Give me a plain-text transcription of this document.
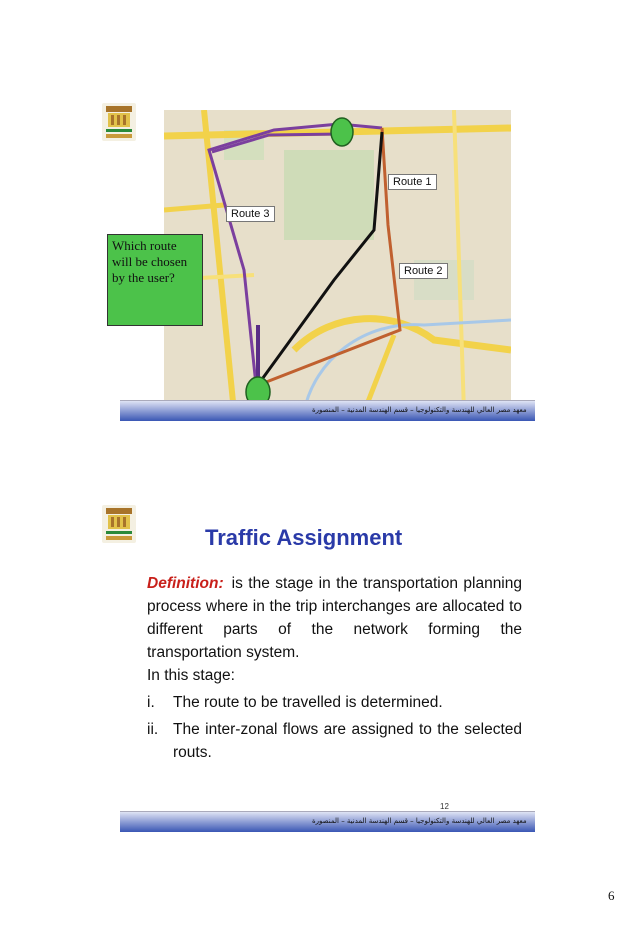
Route 1
Route 2
Route 3
Which route will be chosen by the user?
معهد مصر العالي للهندسة والتكنولوجيا – قسم الهندسة المدنية – المنصورة
Traffic Assignment
Definition: is the stage in the transportation planning process where in the trip interchanges are allocated to different parts of the network forming the transportation system.
In this stage:
i.	The route to be travelled is determined.
ii. The inter-zonal flows are assigned to the selected routs.
12
معهد مصر العالي للهندسة والتكنولوجيا – قسم الهندسة المدنية – المنصورة
6
